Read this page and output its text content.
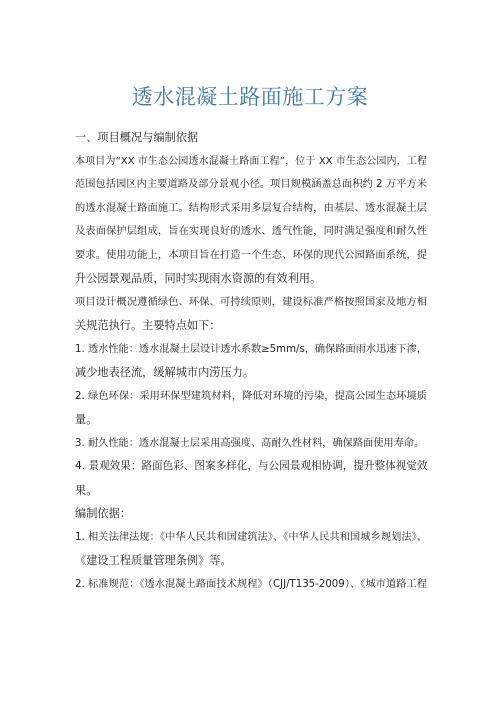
透水混凝土路面施工方案
一、项目概况与编制依据
本项目为“XX 市生态公园透水混凝土路面工程”，位于 XX 市生态公园内，工程
范围包括园区内主要道路及部分景观小径。项目规模涵盖总面积约 2 万平方米
的透水混凝土路面施工。结构形式采用多层复合结构，由基层、透水混凝土层
及表面保护层组成，旨在实现良好的透水、透气性能，同时满足强度和耐久性
要求。使用功能上，本项目旨在打造一个生态、环保的现代公园路面系统，提
升公园景观品质，同时实现雨水资源的有效利用。
项目设计概况遵循绿色、环保、可持续原则，建设标准严格按照国家及地方相
关规范执行。主要特点如下：
1. 透水性能：透水混凝土层设计透水系数≥5mm/s，确保路面雨水迅速下渗，
减少地表径流，缓解城市内涝压力。
2. 绿色环保：采用环保型建筑材料，降低对环境的污染，提高公园生态环境质
量。
3. 耐久性能：透水混凝土层采用高强度、高耐久性材料，确保路面使用寿命。
4. 景观效果：路面色彩、图案多样化，与公园景观相协调，提升整体视觉效
果。
编制依据：
1. 相关法律法规：《中华人民共和国建筑法》、《中华人民共和国城乡规划法》、
《建设工程质量管理条例》等。
2. 标准规范：《透水混凝土路面技术规程》（CJJ/T135-2009）、《城市道路工程
